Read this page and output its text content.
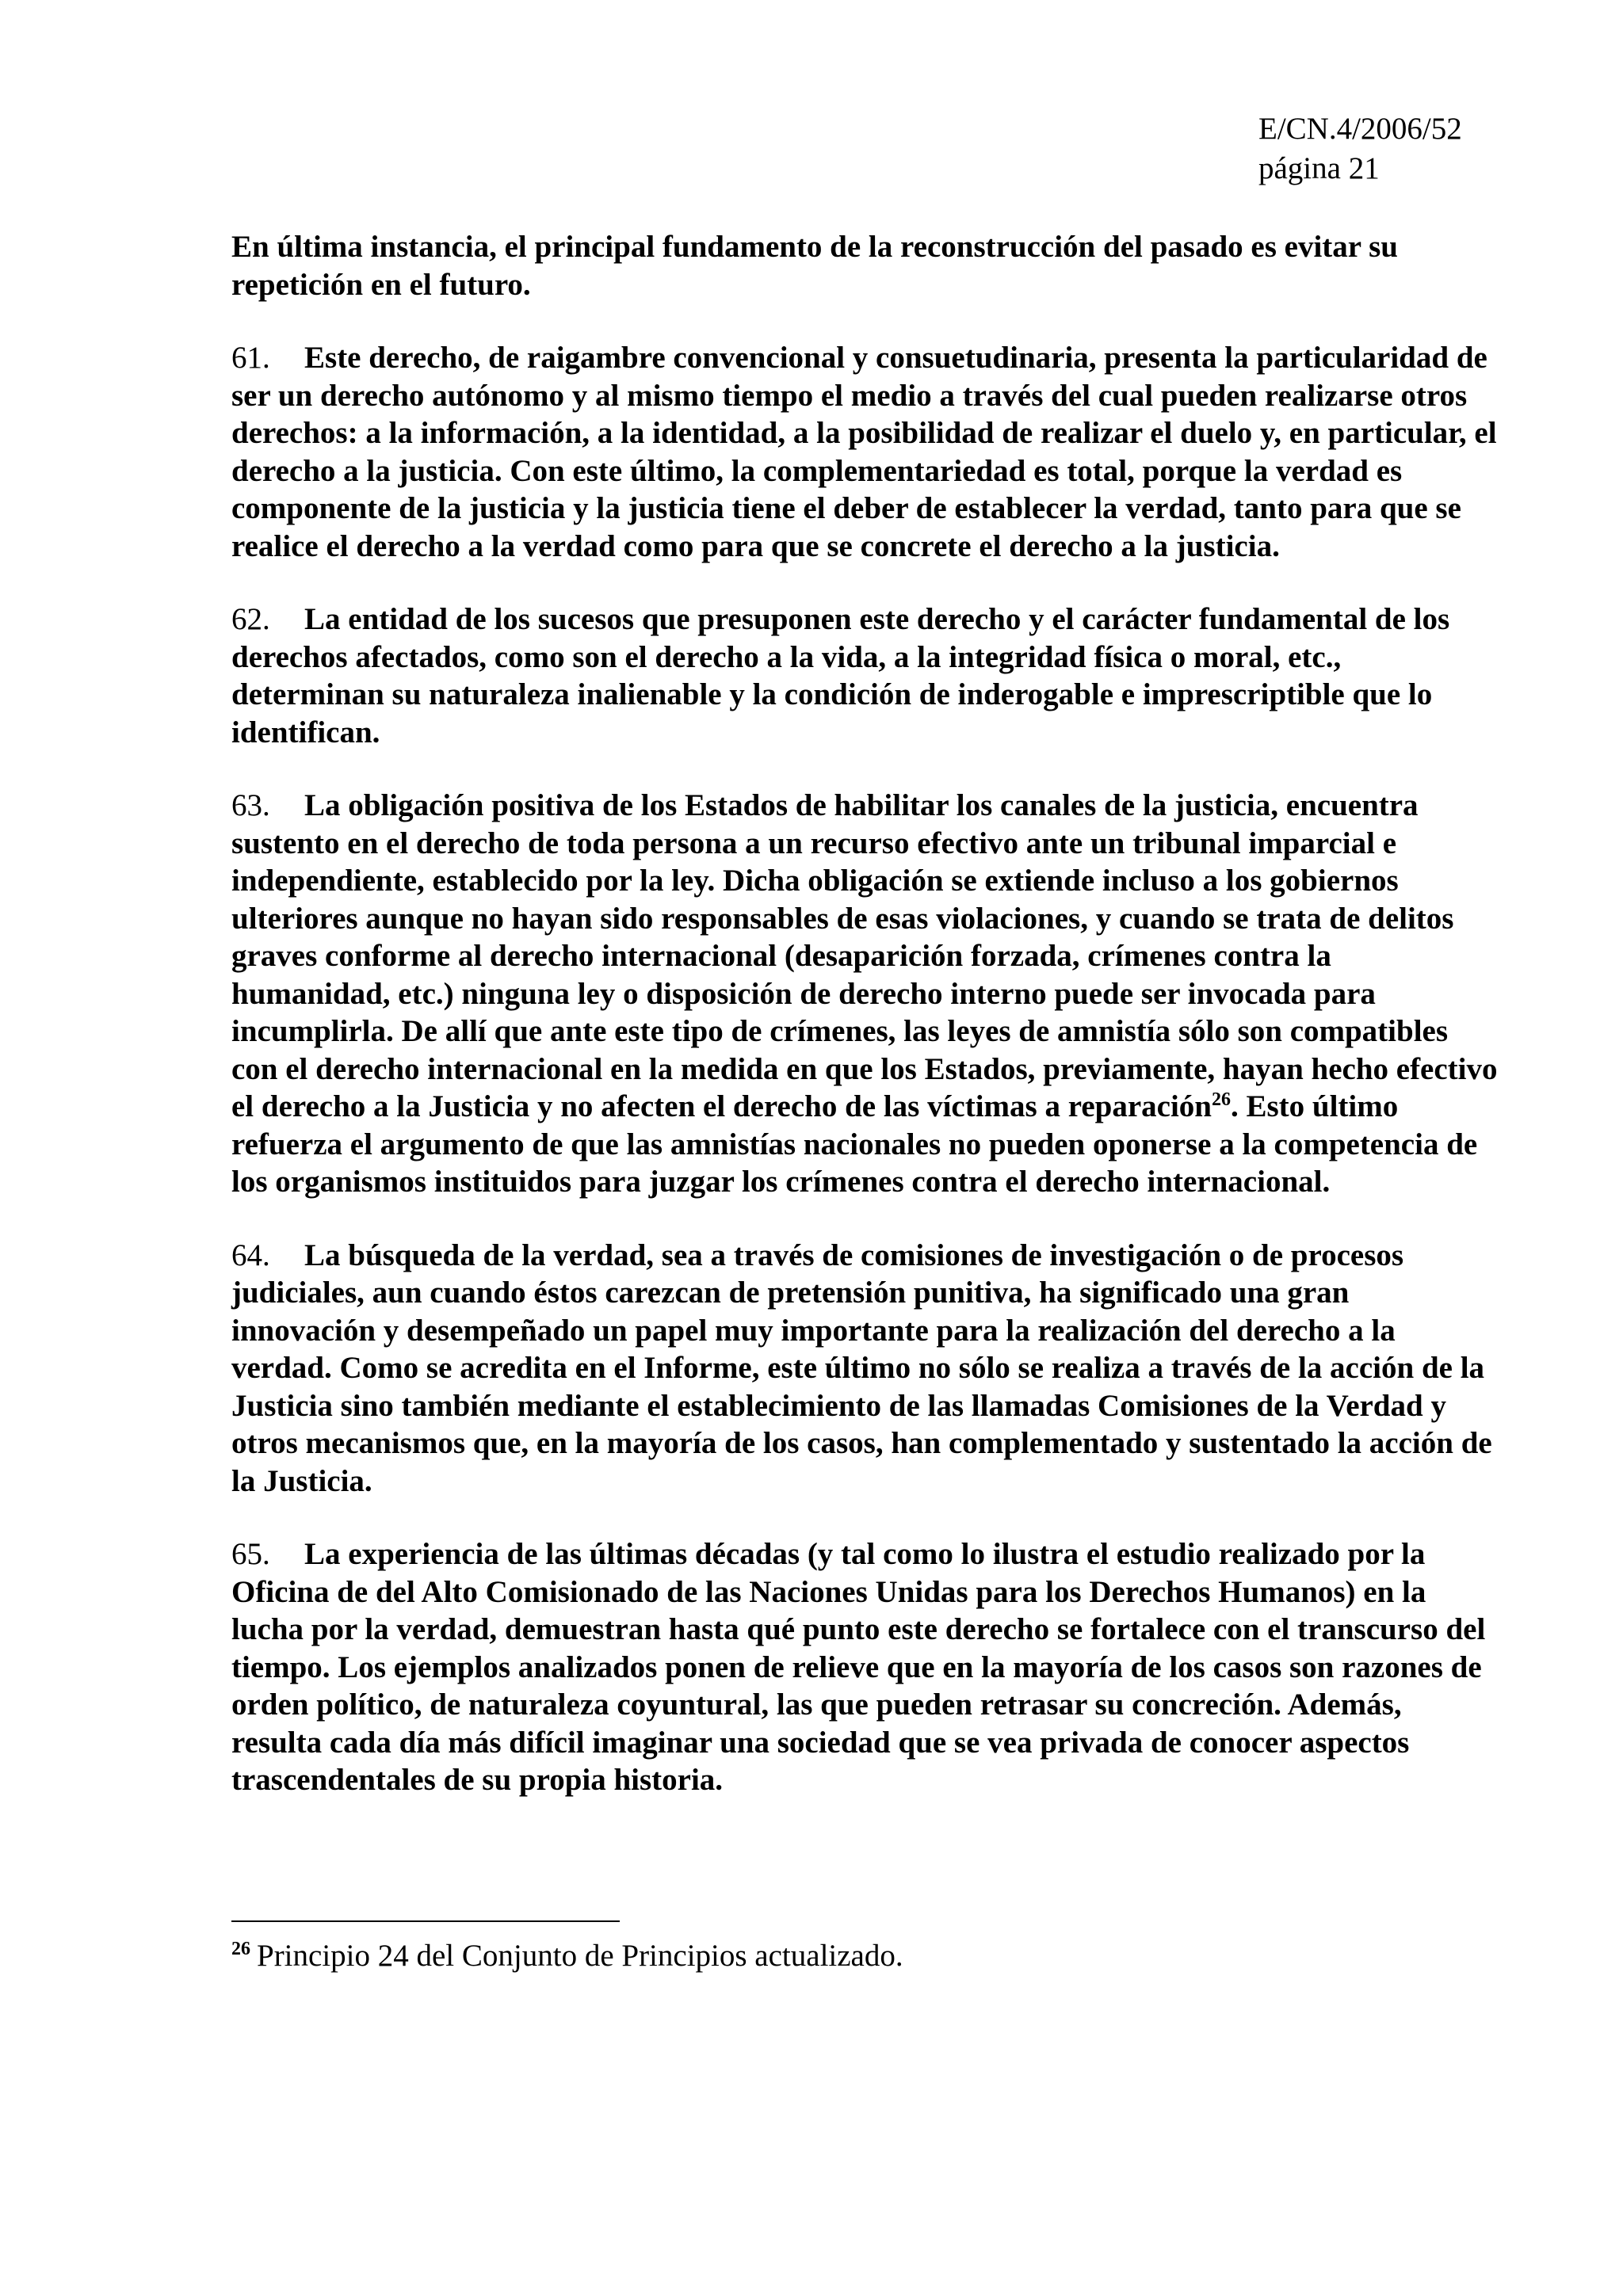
E/CN.4/2006/52
página 21

En última instancia, el principal fundamento de la reconstrucción del pasado es evitar su repetición en el futuro.

61. Este derecho, de raigambre convencional y consuetudinaria, presenta la particularidad de ser un derecho autónomo y al mismo tiempo el medio a través del cual pueden realizarse otros derechos: a la información, a la identidad, a la posibilidad de realizar el duelo y, en particular, el derecho a la justicia. Con este último, la complementariedad es total, porque la verdad es componente de la justicia y la justicia tiene el deber de establecer la verdad, tanto para que se realice el derecho a la verdad como para que se concrete el derecho a la justicia.

62. La entidad de los sucesos que presuponen este derecho y el carácter fundamental de los derechos afectados, como son el derecho a la vida, a la integridad física o moral, etc., determinan su naturaleza inalienable y la condición de inderogable e imprescriptible que lo identifican.

63. La obligación positiva de los Estados de habilitar los canales de la justicia, encuentra sustento en el derecho de toda persona a un recurso efectivo ante un tribunal imparcial e independiente, establecido por la ley. Dicha obligación se extiende incluso a los gobiernos ulteriores aunque no hayan sido responsables de esas violaciones, y cuando se trata de delitos graves conforme al derecho internacional (desaparición forzada, crímenes contra la humanidad, etc.) ninguna ley o disposición de derecho interno puede ser invocada para incumplirla. De allí que ante este tipo de crímenes, las leyes de amnistía sólo son compatibles con el derecho internacional en la medida en que los Estados, previamente, hayan hecho efectivo el derecho a la Justicia y no afecten el derecho de las víctimas a reparación$^{26}$. Esto último refuerza el argumento de que las amnistías nacionales no pueden oponerse a la competencia de los organismos instituidos para juzgar los crímenes contra el derecho internacional.

64. La búsqueda de la verdad, sea a través de comisiones de investigación o de procesos judiciales, aun cuando éstos carezcan de pretensión punitiva, ha significado una gran innovación y desempeñado un papel muy importante para la realización del derecho a la verdad. Como se acredita en el Informe, este último no sólo se realiza a través de la acción de la Justicia sino también mediante el establecimiento de las llamadas Comisiones de la Verdad y otros mecanismos que, en la mayoría de los casos, han complementado y sustentado la acción de la Justicia.

65. La experiencia de las últimas décadas (y tal como lo ilustra el estudio realizado por la Oficina de del Alto Comisionado de las Naciones Unidas para los Derechos Humanos) en la lucha por la verdad, demuestran hasta qué punto este derecho se fortalece con el transcurso del tiempo. Los ejemplos analizados ponen de relieve que en la mayoría de los casos son razones de orden político, de naturaleza coyuntural, las que pueden retrasar su concreción. Además, resulta cada día más difícil imaginar una sociedad que se vea privada de conocer aspectos trascendentales de su propia historia.

$^{26}$ Principio 24 del Conjunto de Principios actualizado.
